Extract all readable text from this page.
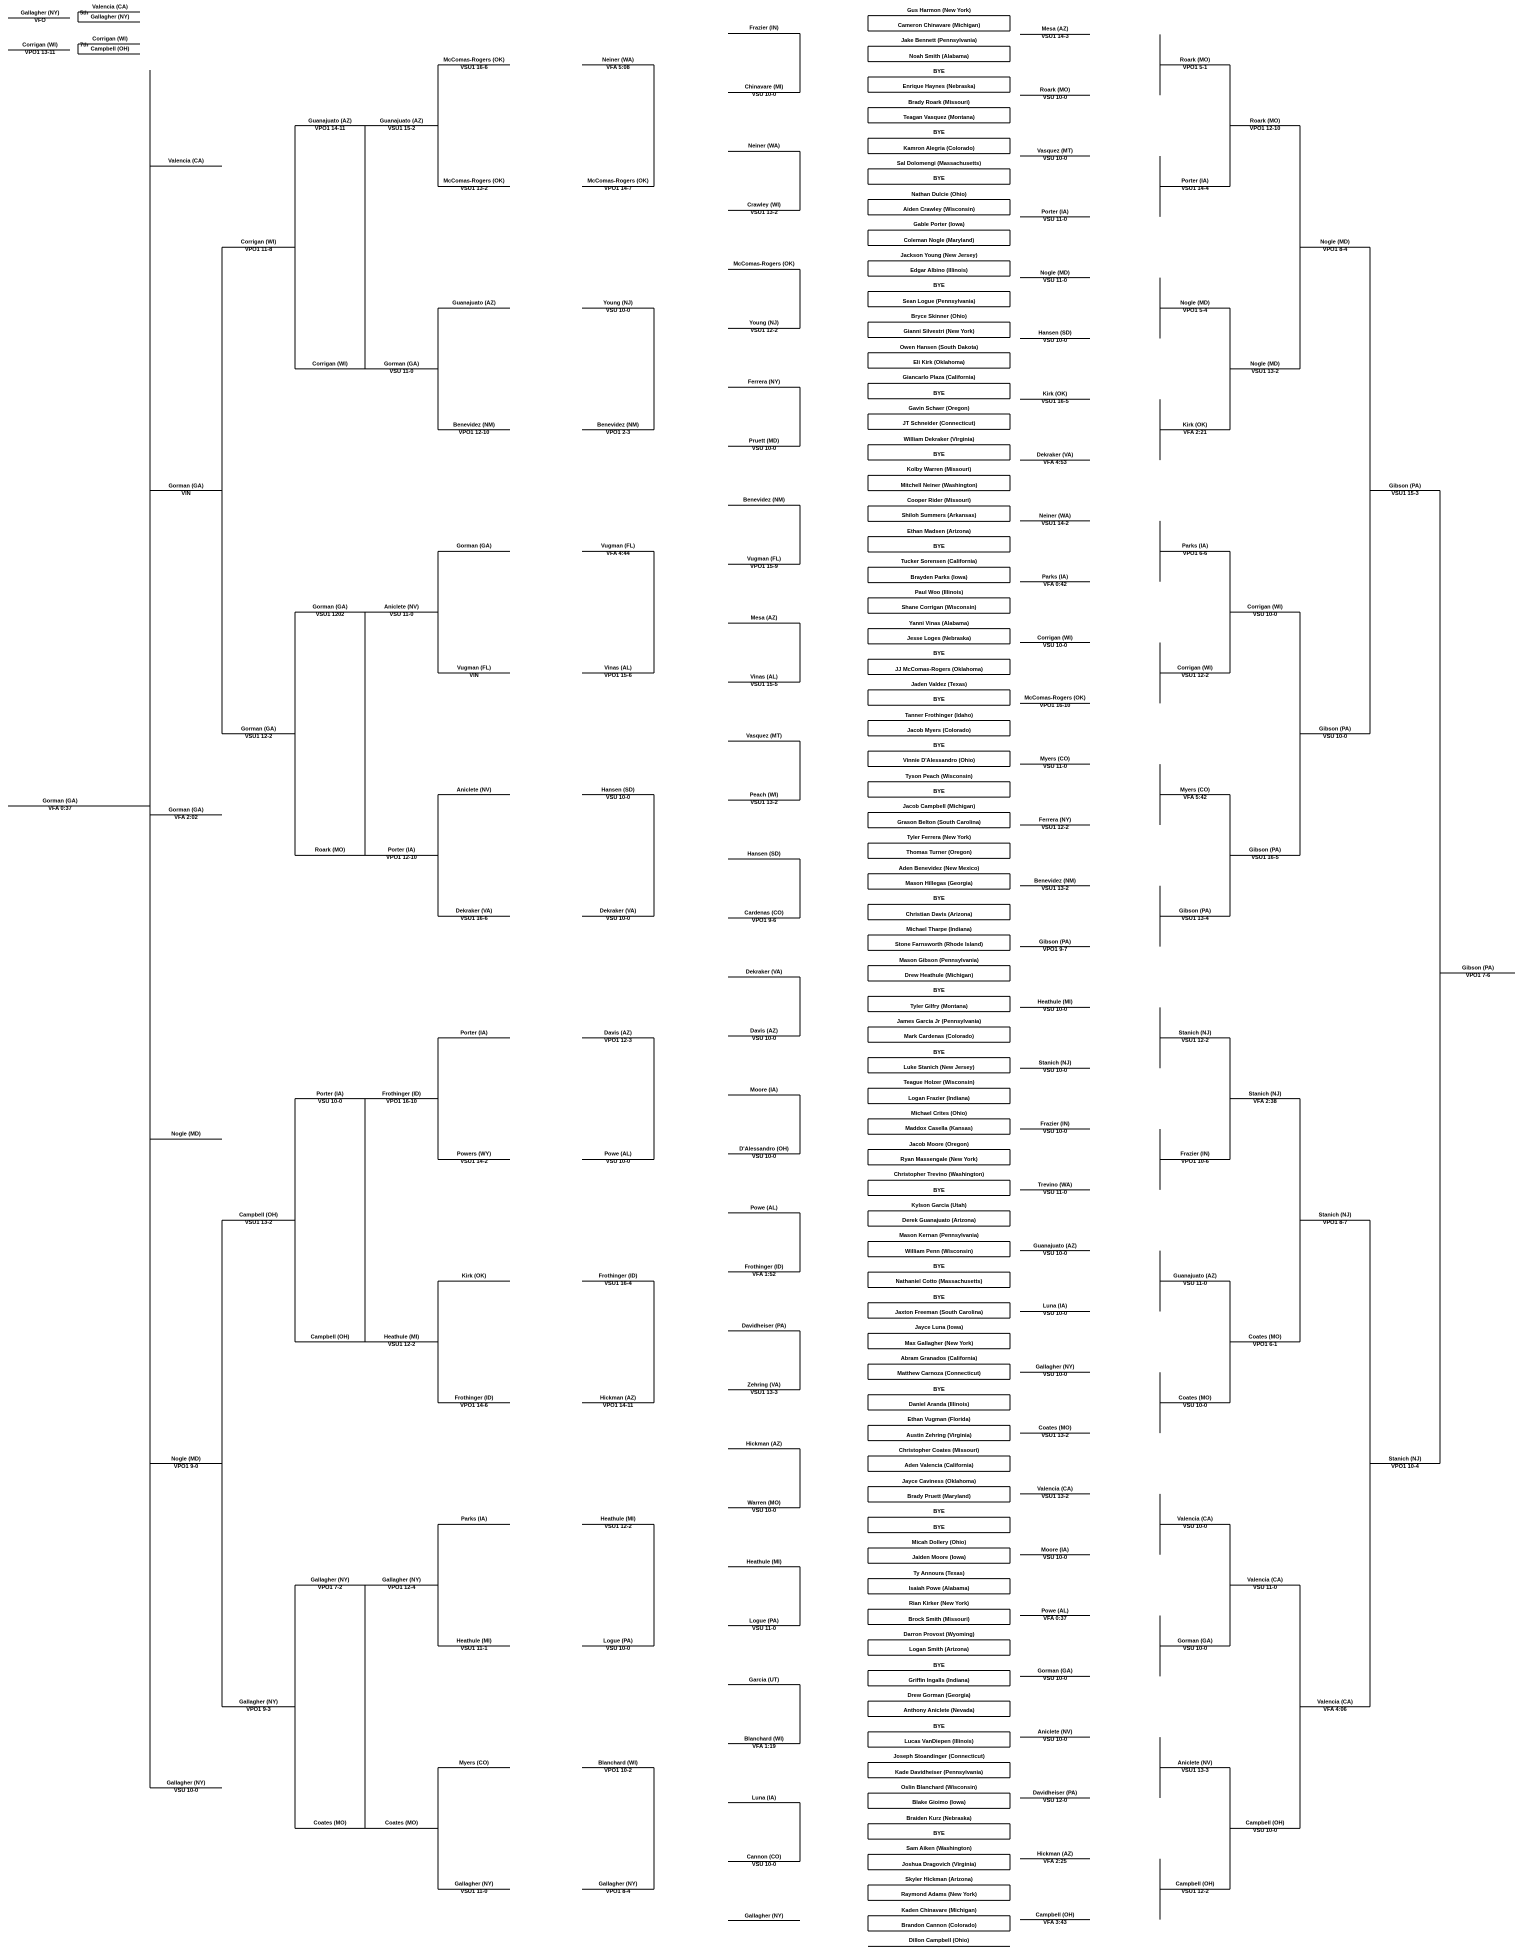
Gus Harmon (New York)
Cameron Chinavare (Michigan)
Jake Bennett (Pennsylvania)
Noah Smith (Alabama)
BYE
Enrique Haynes (Nebraska)
Brady Roark (Missouri)
Teagan Vasquez (Montana)
BYE
Kamron Alegria (Colorado)
Sal Dolomengi (Massachusetts)
BYE
Nathan Dulcie (Ohio)
Aiden Crawley (Wisconsin)
Gable Porter (Iowa)
Coleman Nogle (Maryland)
Jackson Young (New Jersey)
Edgar Albino (Illinois)
BYE
Sean Logue (Pennsylvania)
Bryce Skinner (Ohio)
Gianni Silvestri (New York)
Owen Hansen (South Dakota)
Eli Kirk (Oklahoma)
Giancarlo Plaza (California)
BYE
Gavin Schaer (Oregon)
JT Schneider (Connecticut)
William Dekraker (Virginia)
BYE
Kolby Warren (Missouri)
Mitchell Neiner (Washington)
Cooper Rider (Missouri)
Shiloh Summers (Arkansas)
Ethan Madsen (Arizona)
BYE
Tucker Sorensen (California)
Brayden Parks (Iowa)
Paul Woo (Illinois)
Shane Corrigan (Wisconsin)
Yanni Vinas (Alabama)
Jesse Loges (Nebraska)
BYE
JJ McComas-Rogers (Oklahoma)
Jaden Valdez (Texas)
BYE
Tanner Frothinger (Idaho)
Jacob Myers (Colorado)
BYE
Vinnie D'Alessandro (Ohio)
Tyson Peach (Wisconsin)
BYE
Jacob Campbell (Michigan)
Grason Belton (South Carolina)
Tyler Ferrera (New York)
Thomas Turner (Oregon)
Aden Benevidez (New Mexico)
Mason Hillegas (Georgia)
BYE
Christian Davis (Arizona)
Michael Tharpe (Indiana)
Stone Farnsworth (Rhode Island)
Mason Gibson (Pennsylvania)
Drew Heathule (Michigan)
BYE
Tyler Gilfry (Montana)
James Garcia Jr (Pennsylvania)
Mark Cardenas (Colorado)
BYE
Luke Stanich (New Jersey)
Teague Holzer (Wisconsin)
Logan Frazier (Indiana)
Michael Crites (Ohio)
Maddox Casella (Kansas)
Jacob Moore (Oregon)
Ryan Massengale (New York)
Christopher Trevino (Washington)
BYE
Kylson Garcia (Utah)
Derek Guanajuato (Arizona)
Mason Kernan (Pennsylvania)
William Penn (Wisconsin)
BYE
Nathaniel Cotto (Massachusetts)
BYE
Jaxton Freeman (South Carolina)
Jayce Luna (Iowa)
Max Gallagher (New York)
Abram Granados (California)
Matthew Carnoza (Connecticut)
BYE
Daniel Aranda (Illinois)
Ethan Vugman (Florida)
Austin Zehring (Virginia)
Christopher Coates (Missouri)
Aden Valencia (California)
Jayce Caviness (Oklahoma)
Brady Pruett (Maryland)
BYE
BYE
Micah Dollery (Ohio)
Jaiden Moore (Iowa)
Ty Annoura (Texas)
Isaiah Powe (Alabama)
Rian Kirker (New York)
Brock Smith (Missouri)
Darron Provost (Wyoming)
Logan Smith (Arizona)
BYE
Griffin Ingalls (Indiana)
Drew Gorman (Georgia)
Anthony Aniclete (Nevada)
BYE
Lucas VanDiepen (Illinois)
Joseph Stoandinger (Connecticut)
Kade Davidheiser (Pennsylvania)
Oslin Blanchard (Wisconsin)
Blake Gioimo (Iowa)
Braiden Kurz (Nebraska)
BYE
Sam Aiken (Washington)
Joshua Dragovich (Virginia)
Skyler Hickman (Arizona)
Raymond Adams (New York)
Kaden Chinavare (Michigan)
Brandon Cannon (Colorado)
Dillon Campbell (Ohio)
Frazier (IN)
Chinavare (MI)
VSU 10-0
Neiner (WA)
Crawley (WI)
VSU1 13-2
McComas-Rogers (OK)
Young (NJ)
VSU1 12-2
Ferrera (NY)
Pruett (MD)
VSU 10-0
Benevidez (NM)
Vugman (FL)
VPO1 15-9
Mesa (AZ)
Vinas (AL)
VSU1 15-5
Vasquez (MT)
Peach (WI)
VSU1 13-2
Hansen (SD)
Cardenas (CO)
VPO1 9-6
Dekraker (VA)
Davis (AZ)
VSU 10-0
Moore (IA)
D'Alessandro (OH)
VSU 10-0
Powe (AL)
Frothinger (ID)
VFA 1:52
Davidheiser (PA)
Zehring (VA)
VSU1 13-3
Hickman (AZ)
Warren (MO)
VSU 10-0
Heathule (MI)
Logue (PA)
VSU 11-0
Garcia (UT)
Blanchard (WI)
VFA 1:19
Luna (IA)
Cannon (CO)
VSU 10-0
Gallagher (NY)
Neiner (WA)
VFA 5:08
McComas-Rogers (OK)
VPO1 14-7
Young (NJ)
VSU 10-0
Benevidez (NM)
VPO1 2-3
Vugman (FL)
VFA 4:44
Vinas (AL)
VPO1 15-6
Hansen (SD)
VSU 10-0
Dekraker (VA)
VSU 10-0
Davis (AZ)
VPO1 12-3
Powe (AL)
VSU 10-0
Frothinger (ID)
VSU1 16-4
Hickman (AZ)
VPO1 14-11
Heathule (MI)
VSU1 12-2
Logue (PA)
VSU 10-0
Blanchard (WI)
VPO1 10-2
Gallagher (NY)
VPO1 8-4
McComas-Rogers (OK)
VSU1 16-6
McComas-Rogers (OK)
VSU1 13-2
Guanajuato (AZ)
Benevidez (NM)
VPO1 12-10
Gorman (GA)
Vugman (FL)
VIN
Aniclete (NV)
Dekraker (VA)
VSU1 16-6
Porter (IA)
Powers (WY)
VSU1 14-2
Kirk (OK)
Frothinger (ID)
VPO1 14-6
Parks (IA)
Heathule (MI)
VSU1 11-1
Myers (CO)
Gallagher (NY)
VSU1 11-0
Guanajuato (AZ)
VSU1 15-2
Gorman (GA)
VSU 11-0
Aniclete (NV)
VSU 11-0
Porter (IA)
VPO1 12-10
Frothinger (ID)
VPO1 16-10
Heathule (MI)
VSU1 12-2
Gallagher (NY)
VPO1 12-4
Coates (MO)
Guanajuato (AZ)
VPO1 14-11
Corrigan (WI)
Gorman (GA)
VSU1 1202
Roark (MO)
Porter (IA)
VSU 10-0
Campbell (OH)
Gallagher (NY)
VPO1 7-2
Coates (MO)
Corrigan (WI)
VPO1 11-8
Gorman (GA)
VSU1 12-2
Campbell (OH)
VSU1 13-2
Gallagher (NY)
VPO1 9-3
Valencia (CA)
Gorman (GA)
VIN
Gorman (GA)
VFA 2:02
Nogle (MD)
Nogle (MD)
VPO1 9-0
Gallagher (NY)
VSU 10-0
Gorman (GA)
VFA 0:37
Mesa (AZ)
VSU1 14-3
Roark (MO)
VSU 10-0
Vasquez (MT)
VSU 10-0
Porter (IA)
VSU 11-0
Nogle (MD)
VSU 11-0
Hansen (SD)
VSU 10-0
Kirk (OK)
VSU1 16-5
Dekraker (VA)
VFA 4:53
Neiner (WA)
VSU1 14-2
Parks (IA)
VFA 0:42
Corrigan (WI)
VSU 10-0
McComas-Rogers (OK)
VPO1 16-10
Myers (CO)
VSU 11-0
Ferrera (NY)
VSU1 12-2
Benevidez (NM)
VSU1 13-2
Gibson (PA)
VPO1 9-7
Heathule (MI)
VSU 10-0
Stanich (NJ)
VSU 10-0
Frazier (IN)
VSU 10-0
Trevino (WA)
VSU 11-0
Guanajuato (AZ)
VSU 10-0
Luna (IA)
VSU 10-0
Gallagher (NY)
VSU 10-0
Coates (MO)
VSU1 13-2
Valencia (CA)
VSU1 13-2
Moore (IA)
VSU 10-0
Powe (AL)
VFA 0:37
Gorman (GA)
VSU 10-0
Aniclete (NV)
VSU 10-0
Davidheiser (PA)
VSU 12-0
Hickman (AZ)
VFA 2:25
Campbell (OH)
VFA 3:43
Roark (MO)
VPO1 5-1
Porter (IA)
VSU1 14-4
Nogle (MD)
VPO1 5-4
Kirk (OK)
VFA 2:21
Parks (IA)
VPO1 6-6
Corrigan (WI)
VSU1 12-2
Myers (CO)
VFA 5:42
Gibson (PA)
VSU1 13-4
Stanich (NJ)
VSU1 12-2
Frazier (IN)
VPO1 10-6
Guanajuato (AZ)
VSU 11-0
Coates (MO)
VSU 10-0
Valencia (CA)
VSU 10-0
Gorman (GA)
VSU 10-0
Aniclete (NV)
VSU1 13-3
Campbell (OH)
VSU1 12-2
Roark (MO)
VPO1 12-10
Nogle (MD)
VSU1 13-2
Corrigan (WI)
VSU 10-0
Gibson (PA)
VSU1 16-5
Stanich (NJ)
VFA 2:38
Coates (MO)
VPO1 6-1
Valencia (CA)
VSU 11-0
Campbell (OH)
VSU 10-0
Nogle (MD)
VPO1 8-4
Gibson (PA)
VSU 10-0
Stanich (NJ)
VPO1 8-7
Valencia (CA)
VFA 4:06
Gibson (PA)
VSU1 15-3
Stanich (NJ)
VPO1 10-4
Gibson (PA)
VPO1 7-6
Gallagher (NY)
VFO
Corrigan (WI)
VPO1 13-11
Valencia (CA)
Gallagher (NY)
5th
Corrigan (WI)
Campbell (OH)
7th
